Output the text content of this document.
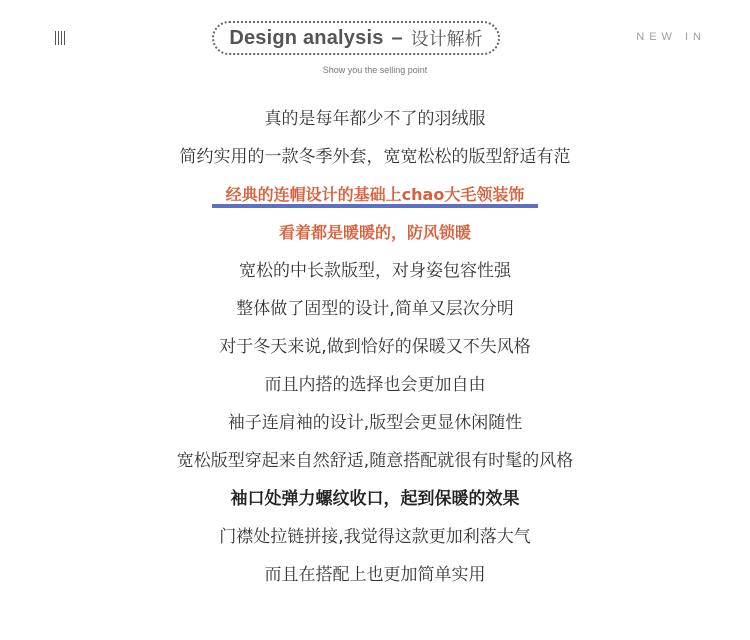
Design analysis – 设计解析
Show you the selling point
NEW IN
真的是每年都少不了的羽绒服
简约实用的一款冬季外套，宽宽松松的版型舒适有范
经典的连帽设计的基础上chao大毛领装饰
看着都是暖暖的，防风锁暖
宽松的中长款版型，对身姿包容性强
整体做了固型的设计,简单又层次分明
对于冬天来说,做到恰好的保暖又不失风格
而且内搭的选择也会更加自由
袖子连肩袖的设计,版型会更显休闲随性
宽松版型穿起来自然舒适,随意搭配就很有时髦的风格
袖口处弹力螺纹收口，起到保暖的效果
门襟处拉链拼接,我觉得这款更加利落大气
而且在搭配上也更加简单实用
